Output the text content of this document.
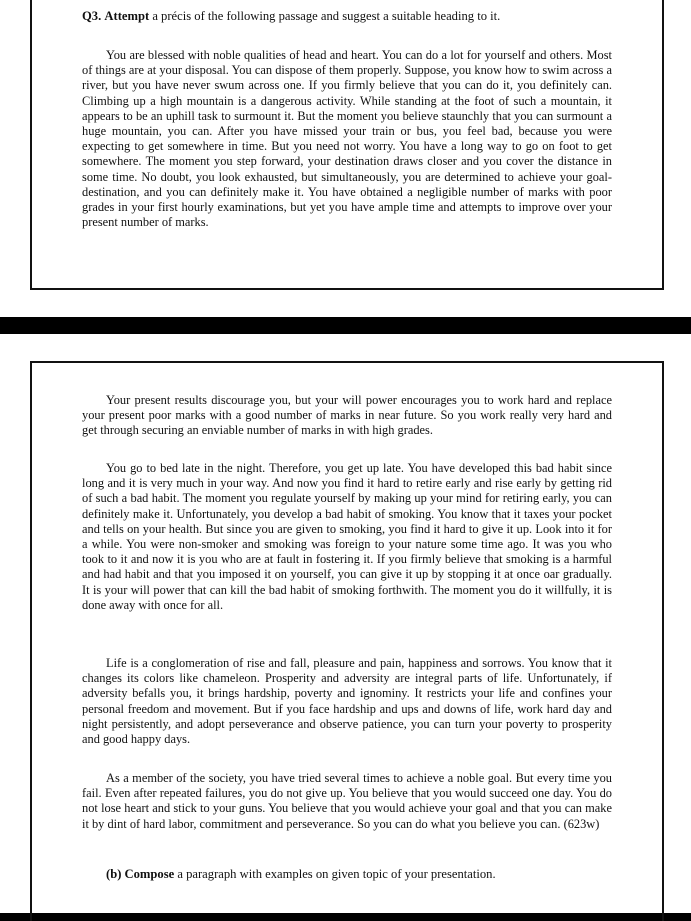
Q3. Attempt a précis of the following passage and suggest a suitable heading to it.

You are blessed with noble qualities of head and heart. You can do a lot for yourself and others. Most of things are at your disposal. You can dispose of them properly. Suppose, you know how to swim across a river, but you have never swum across one. If you firmly believe that you can do it, you definitely can. Climbing up a high mountain is a dangerous activity. While standing at the foot of such a mountain, it appears to be an uphill task to surmount it. But the moment you believe staunchly that you can surmount a huge mountain, you can. After you have missed your train or bus, you feel bad, because you were expecting to get somewhere in time. But you need not worry. You have a long way to go on foot to get somewhere. The moment you step forward, your destination draws closer and you cover the distance in some time. No doubt, you look exhausted, but simultaneously, you are determined to achieve your goal- destination, and you can definitely make it. You have obtained a negligible number of marks with poor grades in your first hourly examinations, but yet you have ample time and attempts to improve over your present number of marks.

Your present results discourage you, but your will power encourages you to work hard and replace your present poor marks with a good number of marks in near future. So you work really very hard and get through securing an enviable number of marks in with high grades.

You go to bed late in the night. Therefore, you get up late. You have developed this bad habit since long and it is very much in your way. And now you find it hard to retire early and rise early by getting rid of such a bad habit. The moment you regulate yourself by making up your mind for retiring early, you can definitely make it. Unfortunately, you develop a bad habit of smoking. You know that it taxes your pocket and tells on your health. But since you are given to smoking, you find it hard to give it up. Look into it for a while. You were non-smoker and smoking was foreign to your nature some time ago. It was you who took to it and now it is you who are at fault in fostering it. If you firmly believe that smoking is a harmful and had habit and that you imposed it on yourself, you can give it up by stopping it at once oar gradually. It is your will power that can kill the bad habit of smoking forthwith. The moment you do it willfully, it is done away with once for all.

Life is a conglomeration of rise and fall, pleasure and pain, happiness and sorrows. You know that it changes its colors like chameleon. Prosperity and adversity are integral parts of life. Unfortunately, if adversity befalls you, it brings hardship, poverty and ignominy. It restricts your life and confines your personal freedom and movement. But if you face hardship and ups and downs of life, work hard day and night persistently, and adopt perseverance and observe patience, you can turn your poverty to prosperity and good happy days.

As a member of the society, you have tried several times to achieve a noble goal. But every time you fail. Even after repeated failures, you do not give up. You believe that you would succeed one day. You do not lose heart and stick to your guns. You believe that you would achieve your goal and that you can make it by dint of hard labor, commitment and perseverance. So you can do what you believe you can. (623w)

(b) Compose a paragraph with examples on given topic of your presentation.
